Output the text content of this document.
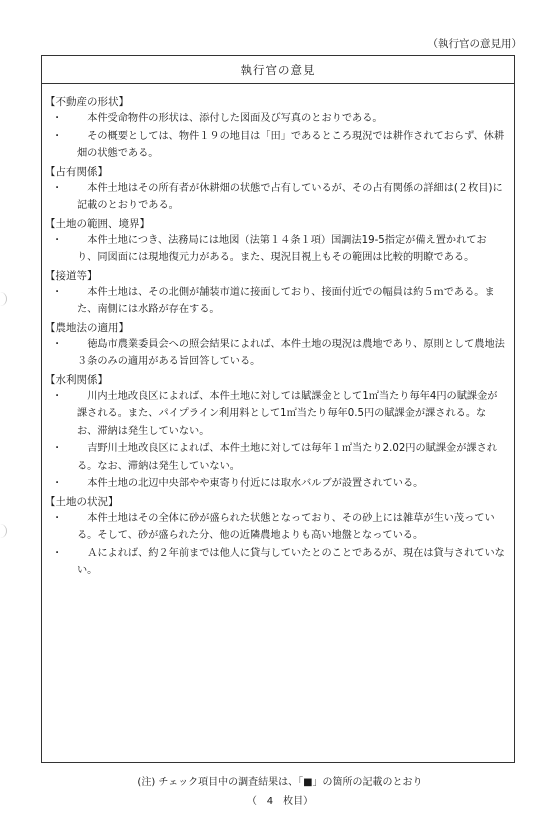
（執行官の意見用）
執行官の意見
【不動産の形状】
・	本件受命物件の形状は、添付した図面及び写真のとおりである。
・	その概要としては、物件１９の地目は「田」であるところ現況では耕作されておらず、休耕畑の状態である。
【占有関係】
・	本件土地はその所有者が休耕畑の状態で占有しているが、その占有関係の詳細は(２枚目)に記載のとおりである。
【土地の範囲、境界】
・	本件土地につき、法務局には地図（法第１４条１項）国調法19-5指定が備え置かれており、同図面には現地復元力がある。また、現況目視上もその範囲は比較的明瞭である。
【接道等】
・	本件土地は、その北側が舗装市道に接面しており、接面付近での幅員は約５ｍである。また、南側には水路が存在する。
【農地法の適用】
・	徳島市農業委員会への照会結果によれば、本件土地の現況は農地であり、原則として農地法３条のみの適用がある旨回答している。
【水利関係】
・	川内土地改良区によれば、本件土地に対しては賦課金として1㎡当たり毎年4円の賦課金が課される。また、パイプライン利用料として1㎡当たり毎年0.5円の賦課金が課される。なお、滞納は発生していない。
・	吉野川土地改良区によれば、本件土地に対しては毎年１㎡当たり2.02円の賦課金が課される。なお、滞納は発生していない。
・	本件土地の北辺中央部やや東寄り付近には取水バルブが設置されている。
【土地の状況】
・	本件土地はその全体に砂が盛られた状態となっており、その砂上には雑草が生い茂っている。そして、砂が盛られた分、他の近隣農地よりも高い地盤となっている。
・	Ａによれば、約２年前までは他人に貸与していたとのことであるが、現在は貸与されていない。
(注) チェック項目中の調査結果は、「■」の箇所の記載のとおり
（　4　枚目）
